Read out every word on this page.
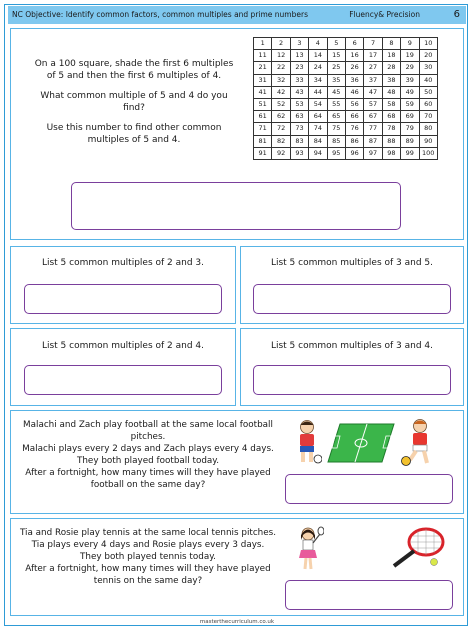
NC Objective: Identify common factors, common multiples and prime numbers	Fluency& Precision	6
On a 100 square, shade the first 6 multiples
of 5 and then the first 6 multiples of 4.
What common multiple of 5 and 4 do you
find?
Use this number to find other common
multiples of 5 and 4.
1	2	3	4	5	6	7	8	9	10
11	12	13	14	15	16	17	18	19	20
21	22	23	24	25	26	27	28	29	30
31	32	33	34	35	36	37	38	39	40
41	42	43	44	45	46	47	48	49	50
51	52	53	54	55	56	57	58	59	60
61	62	63	64	65	66	67	68	69	70
71	72	73	74	75	76	77	78	79	80
81	82	83	84	85	86	87	88	89	90
91	92	93	94	95	96	97	98	99	100
List 5 common multiples of 2 and 3.	List 5 common multiples of 3 and 5.
List 5 common multiples of 2 and 4.	List 5 common multiples of 3 and 4.
Malachi and Zach play football at the same local football
pitches.
Malachi plays every 2 days and Zach plays every 4 days.
They both played football today.
After a fortnight, how many times will they have played
football on the same day?
Tia and Rosie play tennis at the same local tennis pitches.
Tia plays every 4 days and Rosie plays every 3 days.
They both played tennis today.
After a fortnight, how many times will they have played
tennis on the same day?
masterthecurriculum.co.uk
